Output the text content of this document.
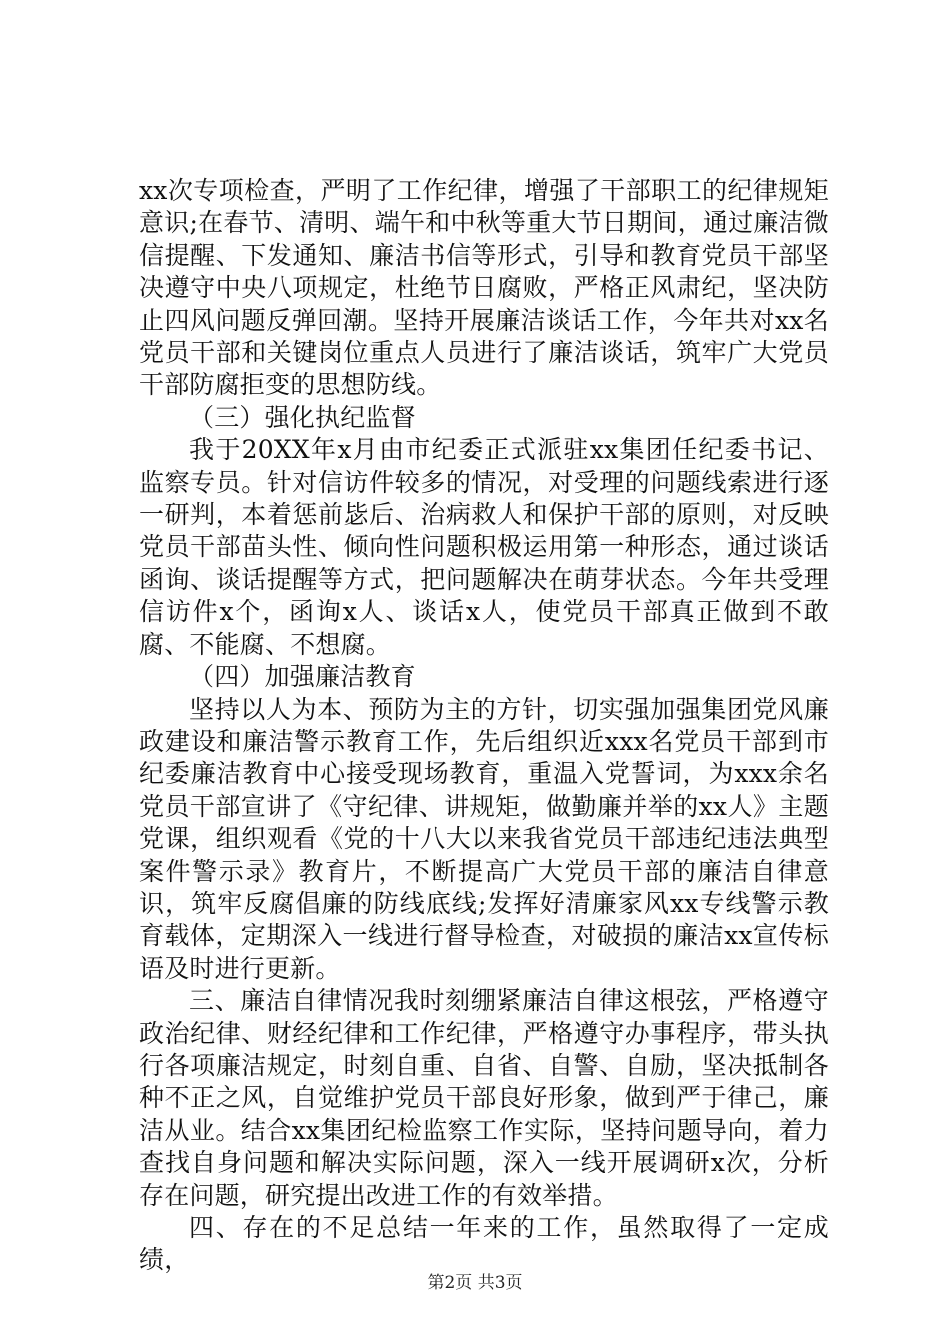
xx次专项检查，严明了工作纪律，增强了干部职工的纪律规矩意识;在春节、清明、端午和中秋等重大节日期间，通过廉洁微信提醒、下发通知、廉洁书信等形式，引导和教育党员干部坚决遵守中央八项规定，杜绝节日腐败，严格正风肃纪，坚决防止四风问题反弹回潮。坚持开展廉洁谈话工作，今年共对xx名党员干部和关键岗位重点人员进行了廉洁谈话，筑牢广大党员干部防腐拒变的思想防线。

（三）强化执纪监督

我于20XX年x月由市纪委正式派驻xx集团任纪委书记、监察专员。针对信访件较多的情况，对受理的问题线索进行逐一研判，本着惩前毖后、治病救人和保护干部的原则，对反映党员干部苗头性、倾向性问题积极运用第一种形态，通过谈话函询、谈话提醒等方式，把问题解决在萌芽状态。今年共受理信访件x个，函询x人、谈话x人，使党员干部真正做到不敢腐、不能腐、不想腐。

（四）加强廉洁教育

坚持以人为本、预防为主的方针，切实强加强集团党风廉政建设和廉洁警示教育工作，先后组织近xxx名党员干部到市纪委廉洁教育中心接受现场教育，重温入党誓词，为xxx余名党员干部宣讲了《守纪律、讲规矩，做勤廉并举的xx人》主题党课，组织观看《党的十八大以来我省党员干部违纪违法典型案件警示录》教育片，不断提高广大党员干部的廉洁自律意识，筑牢反腐倡廉的防线底线;发挥好清廉家风xx专线警示教育载体，定期深入一线进行督导检查，对破损的廉洁xx宣传标语及时进行更新。

三、廉洁自律情况我时刻绷紧廉洁自律这根弦，严格遵守政治纪律、财经纪律和工作纪律，严格遵守办事程序，带头执行各项廉洁规定，时刻自重、自省、自警、自励，坚决抵制各种不正之风，自觉维护党员干部良好形象，做到严于律己，廉洁从业。结合xx集团纪检监察工作实际，坚持问题导向，着力查找自身问题和解决实际问题，深入一线开展调研x次，分析存在问题，研究提出改进工作的有效举措。

四、存在的不足总结一年来的工作，虽然取得了一定成绩，

第2页 共3页
